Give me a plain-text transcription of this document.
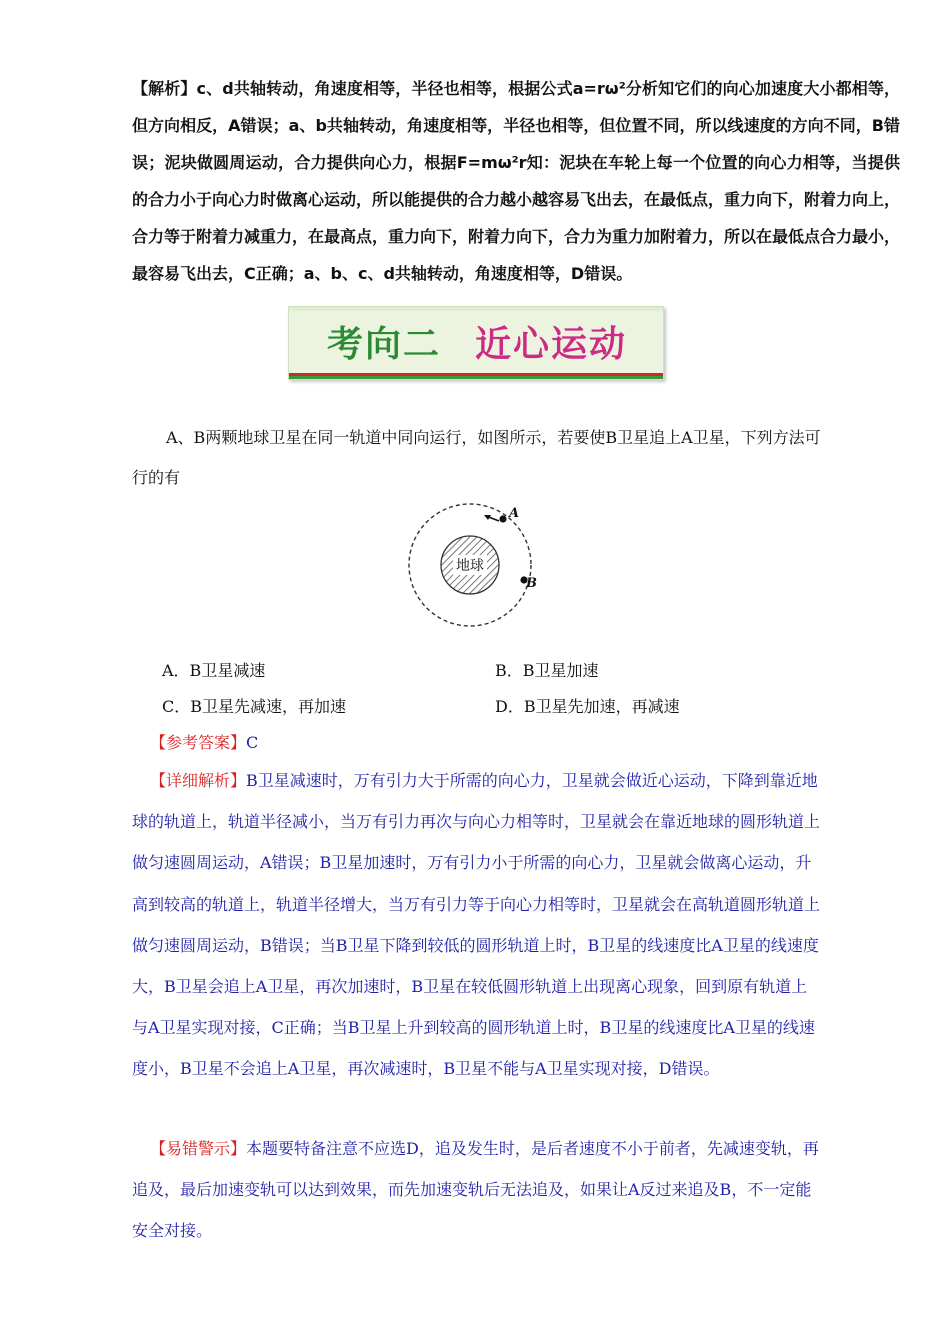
【解析】c、d共轴转动，角速度相等，半径也相等，根据公式a=rω²分析知它们的向心加速度大小都相等，但方向相反，A错误；a、b共轴转动，角速度相等，半径也相等，但位置不同，所以线速度的方向不同，B错误；泥块做圆周运动，合力提供向心力，根据F=mω²r知：泥块在车轮上每一个位置的向心力相等，当提供的合力小于向心力时做离心运动，所以能提供的合力越小越容易飞出去，在最低点，重力向下，附着力向上，合力等于附着力减重力，在最高点，重力向下，附着力向下，合力为重力加附着力，所以在最低点合力最小，最容易飞出去，C正确；a、b、c、d共轴转动，角速度相等，D错误。
考向二 近心运动
A、B两颗地球卫星在同一轨道中同向运行，如图所示，若要使B卫星追上A卫星，下列方法可行的有
地球
A
B
A．B卫星减速	B．B卫星加速
C．B卫星先减速，再加速	D．B卫星先加速，再减速
【参考答案】C
【详细解析】B卫星减速时，万有引力大于所需的向心力，卫星就会做近心运动，下降到靠近地球的轨道上，轨道半径减小，当万有引力再次与向心力相等时，卫星就会在靠近地球的圆形轨道上做匀速圆周运动，A错误；B卫星加速时，万有引力小于所需的向心力，卫星就会做离心运动，升高到较高的轨道上，轨道半径增大，当万有引力等于向心力相等时，卫星就会在高轨道圆形轨道上做匀速圆周运动，B错误；当B卫星下降到较低的圆形轨道上时，B卫星的线速度比A卫星的线速度大，B卫星会追上A卫星，再次加速时，B卫星在较低圆形轨道上出现离心现象，回到原有轨道上与A卫星实现对接，C正确；当B卫星上升到较高的圆形轨道上时，B卫星的线速度比A卫星的线速度小，B卫星不会追上A卫星，再次减速时，B卫星不能与A卫星实现对接，D错误。
【易错警示】本题要特备注意不应选D，追及发生时，是后者速度不小于前者，先减速变轨，再追及，最后加速变轨可以达到效果，而先加速变轨后无法追及，如果让A反过来追及B，不一定能安全对接。
